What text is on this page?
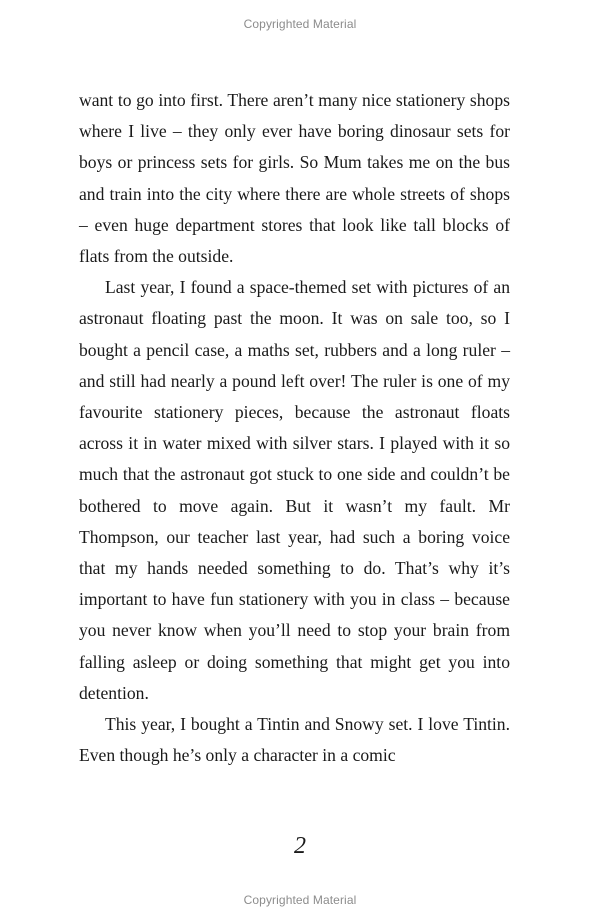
Copyrighted Material

want to go into first. There aren’t many nice stationery shops where I live – they only ever have boring dinosaur sets for boys or princess sets for girls. So Mum takes me on the bus and train into the city where there are whole streets of shops – even huge department stores that look like tall blocks of flats from the outside.

Last year, I found a space-themed set with pictures of an astronaut floating past the moon. It was on sale too, so I bought a pencil case, a maths set, rubbers and a long ruler – and still had nearly a pound left over! The ruler is one of my favourite stationery pieces, because the astronaut floats across it in water mixed with silver stars. I played with it so much that the astronaut got stuck to one side and couldn’t be bothered to move again. But it wasn’t my fault. Mr Thompson, our teacher last year, had such a boring voice that my hands needed something to do. That’s why it’s important to have fun stationery with you in class – because you never know when you’ll need to stop your brain from falling asleep or doing something that might get you into detention.

This year, I bought a Tintin and Snowy set. I love Tintin. Even though he’s only a character in a comic

2
Copyrighted Material
